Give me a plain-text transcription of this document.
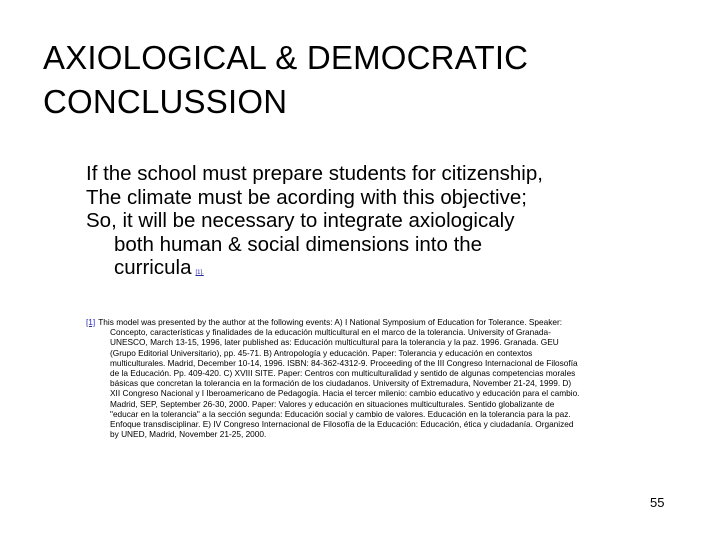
AXIOLOGICAL & DEMOCRATIC
CONCLUSSION
If the school must prepare students for citizenship,
The climate must be acording with this objective;
So, it will be necessary to integrate axiologicaly
both human & social dimensions into the
curricula [1].
[1] This model was presented by the author at the following events: A) I National Symposium of Education for Tolerance. Speaker:
Concepto, características y finalidades de la educación multicultural en el marco de la tolerancia. University of Granada-
UNESCO, March 13-15, 1996, later published as: Educación multicultural para la tolerancia y la paz. 1996. Granada. GEU
(Grupo Editorial Universitario), pp. 45-71. B) Antropología y educación. Paper: Tolerancia y educación en contextos
multiculturales. Madrid, December 10-14, 1996. ISBN: 84-362-4312-9. Proceeding of the III Congreso Internacional de Filosofía
de la Educación. Pp. 409-420. C) XVIII SITE. Paper: Centros con multiculturalidad y sentido de algunas competencias morales
básicas que concretan la tolerancia en la formación de los ciudadanos. University of Extremadura, November 21-24, 1999. D)
XII Congreso Nacional y I Iberoamericano de Pedagogía. Hacia el tercer milenio: cambio educativo y educación para el cambio.
Madrid, SEP, September 26-30, 2000. Paper: Valores y educación en situaciones multiculturales. Sentido globalizante de
"educar en la tolerancia" a la sección segunda: Educación social y cambio de valores. Educación en la tolerancia para la paz.
Enfoque transdisciplinar. E) IV Congreso Internacional de Filosofía de la Educación: Educación, ética y ciudadanía. Organized
by UNED, Madrid, November 21-25, 2000.
55
